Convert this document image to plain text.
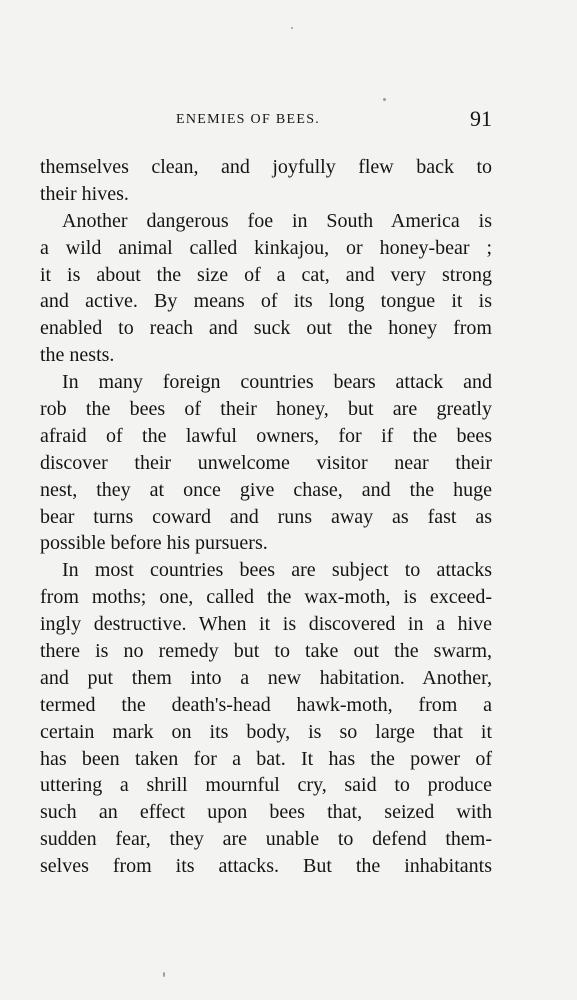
ENEMIES OF BEES.	91
themselves clean, and joyfully flew back to
their hives.
Another dangerous foe in South America is
a wild animal called kinkajou, or honey-bear ;
it is about the size of a cat, and very strong
and active. By means of its long tongue it is
enabled to reach and suck out the honey from
the nests.
In many foreign countries bears attack and
rob the bees of their honey, but are greatly
afraid of the lawful owners, for if the bees
discover their unwelcome visitor near their
nest, they at once give chase, and the huge
bear turns coward and runs away as fast as
possible before his pursuers.
In most countries bees are subject to attacks
from moths; one, called the wax-moth, is exceed-
ingly destructive. When it is discovered in a hive
there is no remedy but to take out the swarm,
and put them into a new habitation. Another,
termed the death's-head hawk-moth, from a
certain mark on its body, is so large that it
has been taken for a bat. It has the power of
uttering a shrill mournful cry, said to produce
such an effect upon bees that, seized with
sudden fear, they are unable to defend them-
selves from its attacks. But the inhabitants
